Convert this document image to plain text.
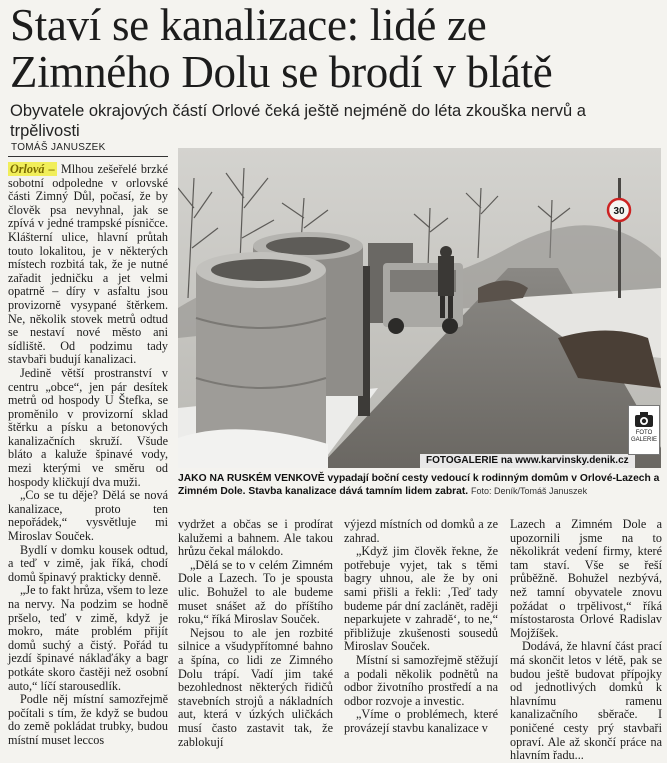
Staví se kanalizace: lidé ze
Zimného Dolu se brodí v blátě

Obyvatele okrajových částí Orlové čeká ještě nejméně do léta zkouška nervů a trpělivosti

TOMÁŠ JANUSZEK

Orlová – Mlhou zešeřelé brzké sobotní odpoledne v orlovské části Zimný Důl, počasí, že by člověk psa nevyhnal, jak se zpívá v jedné trampské písničce. Klášterní ulice, hlavní průtah touto lokalitou, je v některých místech rozbitá tak, že je nutné zařadit jedničku a jet velmi opatrně – díry v asfaltu jsou provizorně vysypané štěrkem. Ne, několik stovek metrů odtud se nestaví nové město ani sídliště. Od podzimu tady stavbaři budují kanalizaci.

Jedině větší prostranství v centru „obce“, jen pár desítek metrů od hospody U Štefka, se proměnilo v provizorní sklad štěrku a písku a betonových kanalizačních skruží. Všude bláto a kaluže špinavé vody, mezi kterými ve směru od hospody kličkují dva muži.

„Co se tu děje? Dělá se nová kanalizace, proto ten nepořádek,“ vysvětluje mi Miroslav Souček.

Bydlí v domku kousek odtud, a teď v zimě, jak říká, chodí domů špinavý prakticky denně.

„Je to fakt hrůza, všem to leze na nervy. Na podzim se hodně pršelo, teď v zimě, když je mokro, máte problém přijít domů suchý a čistý. Pořád tu jezdí špinavé náklaďáky a bagr potkáte skoro častěji než osobní auto,“ líčí starousedlík.

Podle něj místní samozřejmě počítali s tím, že když se budou do země pokládat trubky, budou místní muset leccos

30
FOTOGALERIE na www.karvinsky.denik.cz
FOTO GALERIE

JAKO NA RUSKÉM VENKOVĚ vypadají boční cesty vedoucí k rodinným domům v Orlové-Lazech a Zimném Dole. Stavba kanalizace dává tamním lidem zabrat. Foto: Deník/Tomáš Januszek

vydržet a občas se i prodírat kalužemi a bahnem. Ale takou hrůzu čekal málokdo.

„Dělá se to v celém Zimném Dole a Lazech. To je spousta ulic. Bohužel to ale budeme muset snášet až do příštího roku,“ říká Miroslav Souček.

Nejsou to ale jen rozbité silnice a všudypřítomné bahno a špína, co lidi ze Zimného Dolu trápí. Vadí jim také bezohlednost některých řidičů stavebních strojů a nákladních aut, která v úzkých uličkách musí často zastavit tak, že zablokují

výjezd místních od domků a ze zahrad.

„Když jim člověk řekne, že potřebuje vyjet, tak s těmi bagry uhnou, ale že by oni sami přišli a řekli: ‚Teď tady budeme pár dní zaclánět, raději neparkujete v zahradě‘, to ne,“ přibližuje zkušenosti sousedů Miroslav Souček.

Místní si samozřejmě stěžují a podali několik podnětů na odbor životního prostředí a na odbor rozvoje a investic.

„Víme o problémech, které provázejí stavbu kanalizace v

Lazech a Zimném Dole a upozornili jsme na to několikrát vedení firmy, které tam staví. Vše se řeší průběžně. Bohužel nezbývá, než tamní obyvatele znovu požádat o trpělivost,“ říká místostarosta Orlové Radislav Mojžíšek.

Dodává, že hlavní část prací má skončit letos v létě, pak se budou ještě budovat přípojky od jednotlivých domků k hlavnímu ramenu kanalizačního sběrače. I poničené cesty prý stavbaři opraví. Ale až skončí práce na hlavním řadu...
